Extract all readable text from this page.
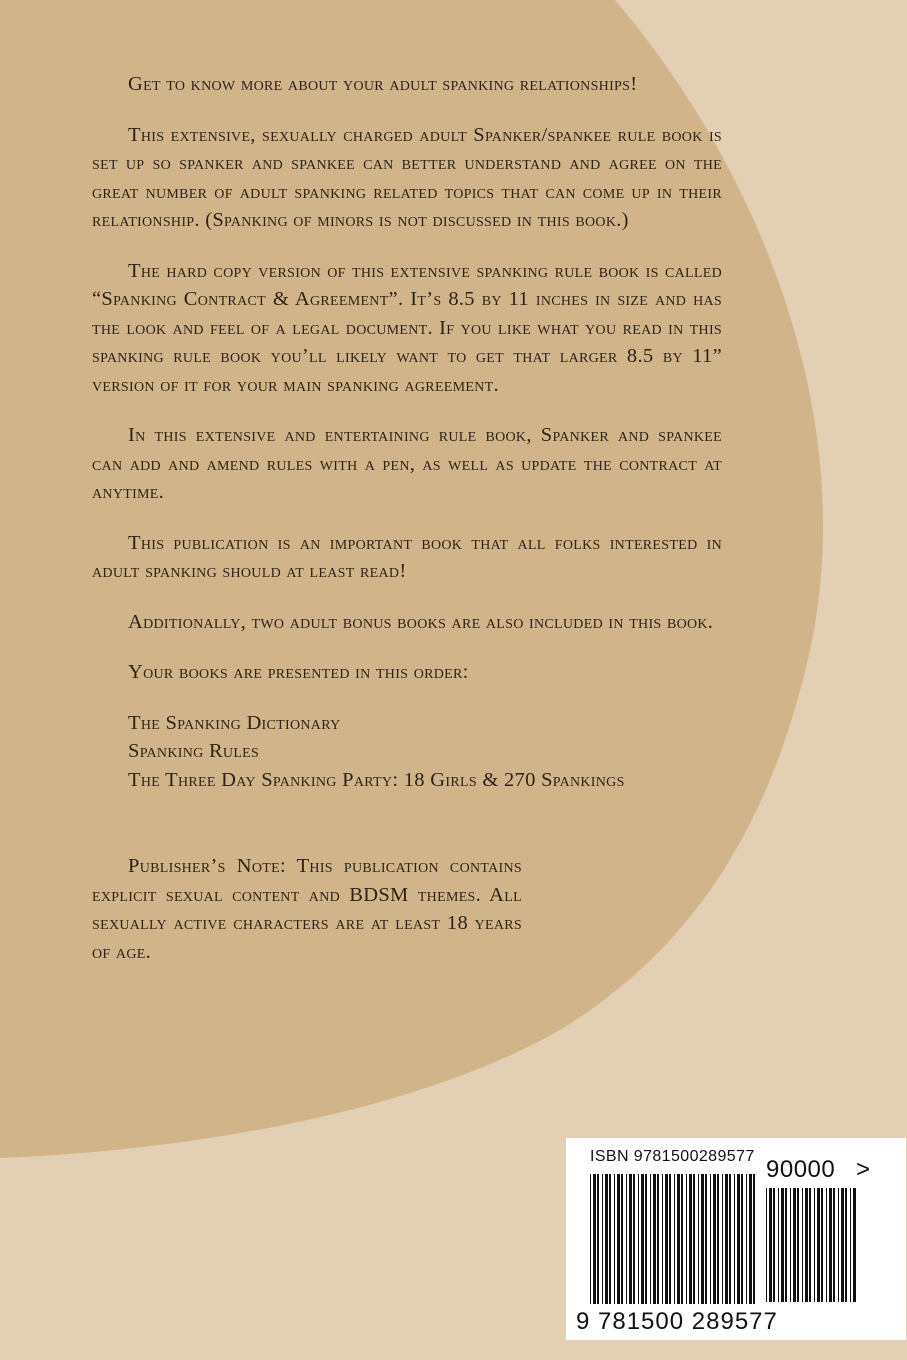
Get to know more about your adult spanking relationships!

This extensive, sexually charged adult Spanker/spankee rule book is set up so spanker and spankee can better understand and agree on the great number of adult spanking related topics that can come up in their relationship. (Spanking of minors is not discussed in this book.)

The hard copy version of this extensive spanking rule book is called “Spanking Contract & Agreement”. It’s 8.5 by 11 inches in size and has the look and feel of a legal document. If you like what you read in this spanking rule book you’ll likely want to get that larger 8.5 by 11” version of it for your main spanking agreement.

In this extensive and entertaining rule book, Spanker and spankee can add and amend rules with a pen, as well as update the contract at anytime.

This publication is an important book that all folks interested in adult spanking should at least read!

Additionally, two adult bonus books are also included in this book.

Your books are presented in this order:

The Spanking Dictionary
Spanking Rules
The Three Day Spanking Party: 18 Girls & 270 Spankings

Publisher’s Note: This publication contains explicit sexual content and BDSM themes. All sexually active characters are at least 18 years of age.

ISBN 9781500289577
9 781500 289577
90000 >
